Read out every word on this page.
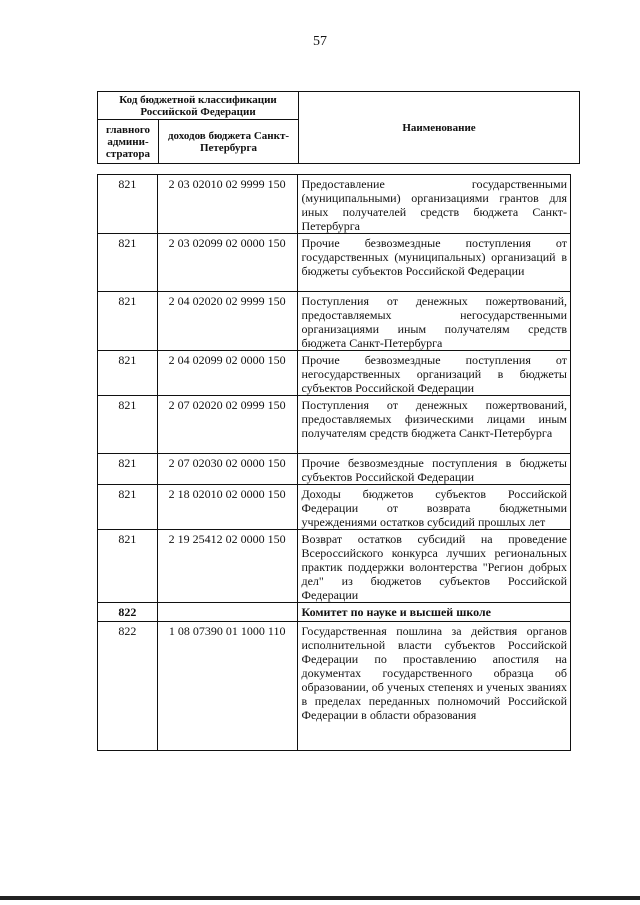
57
Код бюджетной классификации Российской Федерации		Наименование
главного админи-стратора	доходов бюджета Санкт-Петербурга	
821	2 03 02010 02 9999 150	Предоставление государственными (муниципальными) организациями грантов для иных получателей средств бюджета Санкт-Петербурга
821	2 03 02099 02 0000 150	Прочие безвозмездные поступления от государственных (муниципальных) организаций в бюджеты субъектов Российской Федерации
821	2 04 02020 02 9999 150	Поступления от денежных пожертвований, предоставляемых негосударственными организациями иным получателям средств бюджета Санкт-Петербурга
821	2 04 02099 02 0000 150	Прочие безвозмездные поступления от негосударственных организаций в бюджеты субъектов Российской Федерации
821	2 07 02020 02 0999 150	Поступления от денежных пожертвований, предоставляемых физическими лицами иным получателям средств бюджета Санкт-Петербурга
821	2 07 02030 02 0000 150	Прочие безвозмездные поступления в бюджеты субъектов Российской Федерации
821	2 18 02010 02 0000 150	Доходы бюджетов субъектов Российской Федерации от возврата бюджетными учреждениями остатков субсидий прошлых лет
821	2 19 25412 02 0000 150	Возврат остатков субсидий на проведение Всероссийского конкурса лучших региональных практик поддержки волонтерства "Регион добрых дел" из бюджетов субъектов Российской Федерации
822		Комитет по науке и высшей школе
822	1 08 07390 01 1000 110	Государственная пошлина за действия органов исполнительной власти субъектов Российской Федерации по проставлению апостиля на документах государственного образца об образовании, об ученых степенях и ученых званиях в пределах переданных полномочий Российской Федерации в области образования
